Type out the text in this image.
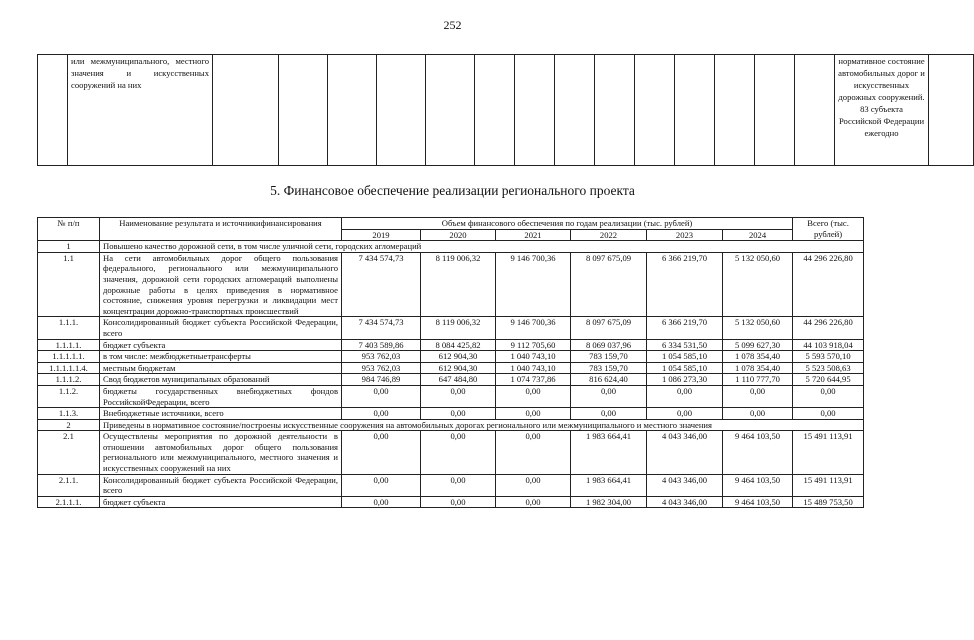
252
	или межмуниципального, местного значения и искусственных сооружений на них															нормативное состояние автомобильных дорог и искусственных дорожных сооружений. 83 субъекта Российской Федерации ежегодно	
5. Финансовое обеспечение реализации регионального проекта
№ п/п	Наименование результата и источникифинансирования	Объем финансового обеспечения по годам реализации (тыс. рублей)						Всего (тыс. рублей)
		2019	2020	2021	2022	2023	2024	
1	Повышено качество дорожной сети, в том числе уличной сети, городских агломераций							
1.1	На сети автомобильных дорог общего пользования федерального, регионального или межмуниципального значения, дорожной сети городских агломераций выполнены дорожные работы в целях приведения в нормативное состояние, снижения уровня перегрузки и ликвидации мест концентрации дорожно-транспортных происшествий	7 434 574,73	8 119 006,32	9 146 700,36	8 097 675,09	6 366 219,70	5 132 050,60	44 296 226,80
1.1.1.	Консолидированный бюджет субъекта Российской Федерации, всего	7 434 574,73	8 119 006,32	9 146 700,36	8 097 675,09	6 366 219,70	5 132 050,60	44 296 226,80
1.1.1.1.	бюджет субъекта	7 403 589,86	8 084 425,82	9 112 705,60	8 069 037,96	6 334 531,50	5 099 627,30	44 103 918,04
1.1.1.1.1.	в том числе: межбюджетныетрансферты	953 762,03	612 904,30	1 040 743,10	783 159,70	1 054 585,10	1 078 354,40	5 593 570,10
1.1.1.1.1.4.	местным бюджетам	953 762,03	612 904,30	1 040 743,10	783 159,70	1 054 585,10	1 078 354,40	5 523 508,63
1.1.1.2.	Свод бюджетов муниципальных образований	984 746,89	647 484,80	1 074 737,86	816 624,40	1 086 273,30	1 110 777,70	5 720 644,95
1.1.2.	бюджеты государственных внебюджетных фондов РоссийскойФедерации, всего	0,00	0,00	0,00	0,00	0,00	0,00	0,00
1.1.3.	Внебюджетные источники, всего	0,00	0,00	0,00	0,00	0,00	0,00	0,00
2	Приведены в нормативное состояние/построены искусственные сооружения на автомобильных дорогах регионального или межмуниципального и местного значения							
2.1	Осуществлены мероприятия по дорожной деятельности в отношении автомобильных дорог общего пользования регионального или межмуниципального, местного значения и искусственных сооружений на них	0,00	0,00	0,00	1 983 664,41	4 043 346,00	9 464 103,50	15 491 113,91
2.1.1.	Консолидированный бюджет субъекта Российской Федерации, всего	0,00	0,00	0,00	1 983 664,41	4 043 346,00	9 464 103,50	15 491 113,91
2.1.1.1.	бюджет субъекта	0,00	0,00	0,00	1 982 304,00	4 043 346,00	9 464 103,50	15 489 753,50
